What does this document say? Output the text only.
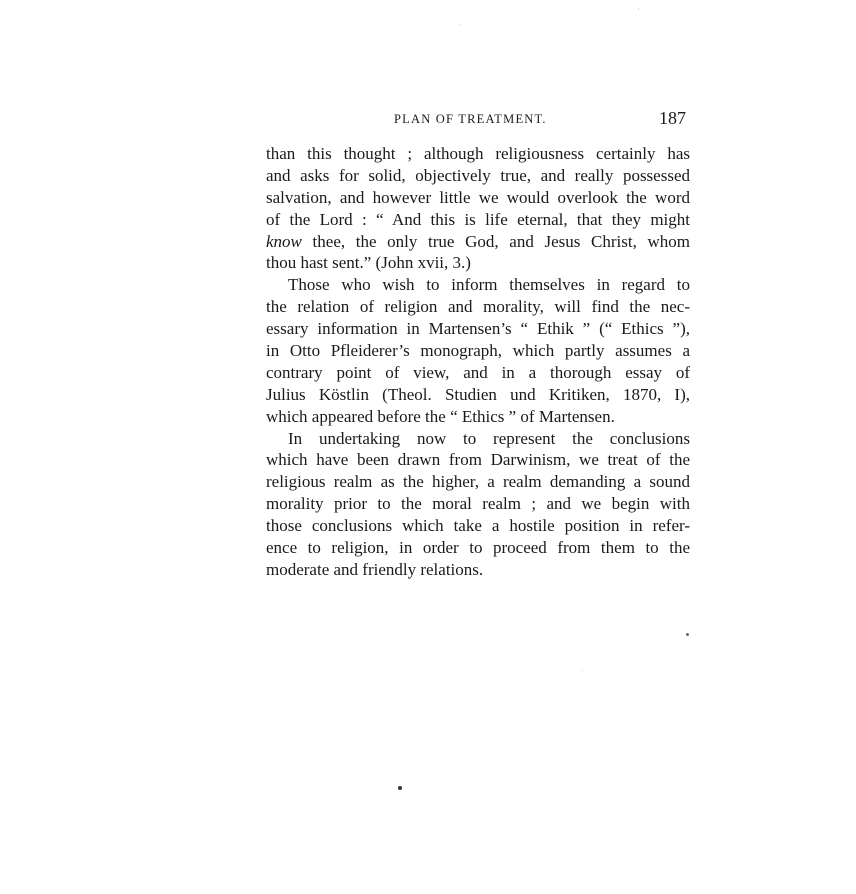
PLAN OF TREATMENT.	187
than this thought ; although religiousness certainly has
and asks for solid, objectively true, and really possessed
salvation, and however little we would overlook the word
of the Lord : “ And this is life eternal, that they might
know thee, the only true God, and Jesus Christ, whom
thou hast sent.” (John xvii, 3.)
Those who wish to inform themselves in regard to
the relation of religion and morality, will find the nec-
essary information in Martensen’s “ Ethik ” (“ Ethics ”),
in Otto Pfleiderer’s monograph, which partly assumes a
contrary point of view, and in a thorough essay of
Julius Köstlin (Theol. Studien und Kritiken, 1870, I),
which appeared before the “ Ethics ” of Martensen.
In undertaking now to represent the conclusions
which have been drawn from Darwinism, we treat of the
religious realm as the higher, a realm demanding a sound
morality prior to the moral realm ; and we begin with
those conclusions which take a hostile position in refer-
ence to religion, in order to proceed from them to the
moderate and friendly relations.
